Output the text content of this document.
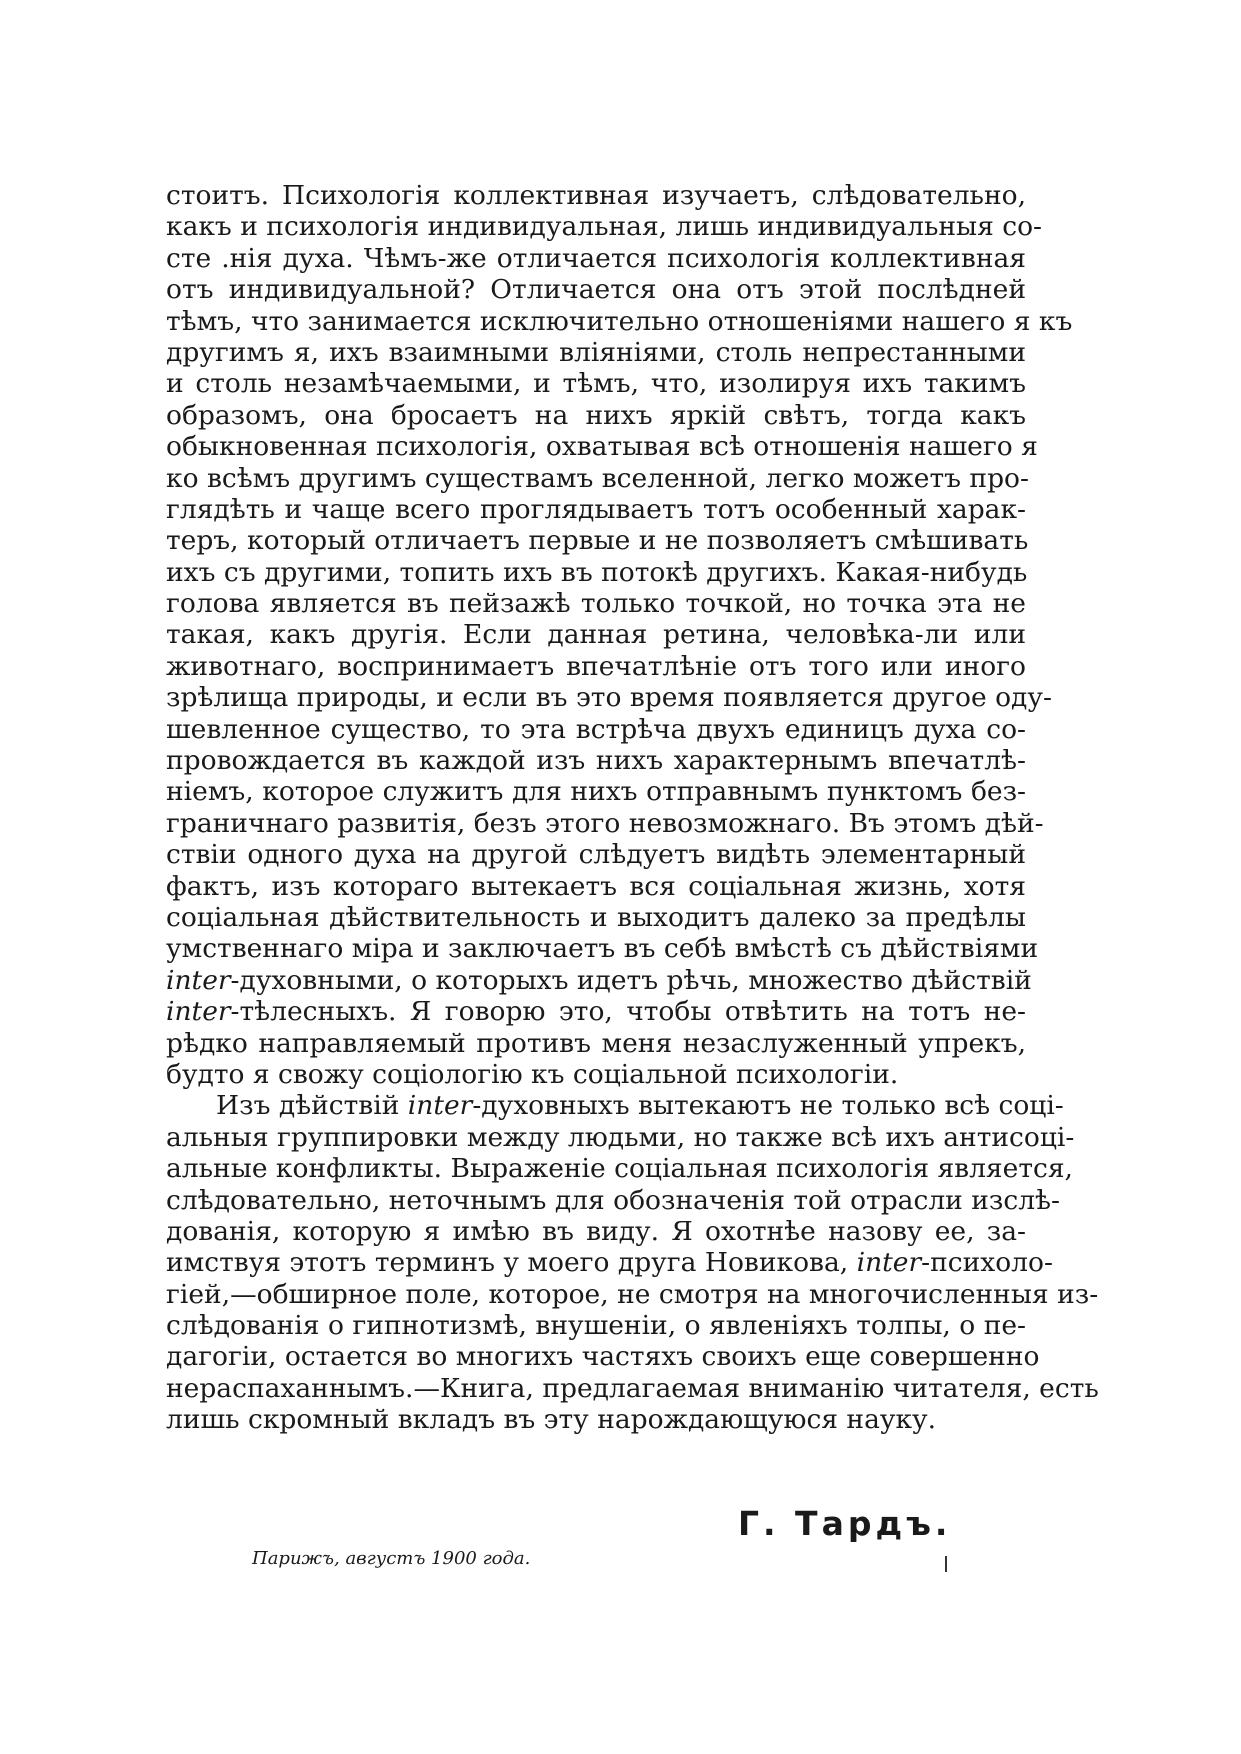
стоитъ. Психологія коллективная изучаетъ, слѣдовательно,
какъ и психологія индивидуальная, лишь индивидуальныя со-
сте .нія духа. Чѣмъ-же отличается психологія коллективная
отъ индивидуальной? Отличается она отъ этой послѣдней
тѣмъ, что занимается исключительно отношеніями нашего я къ
другимъ я, ихъ взаимными вліяніями, столь непрестанными
и столь незамѣчаемыми, и тѣмъ, что, изолируя ихъ такимъ
образомъ, она бросаетъ на нихъ яркій свѣтъ, тогда какъ
обыкновенная психологія, охватывая всѣ отношенія нашего я
ко всѣмъ другимъ существамъ вселенной, легко можетъ про-
глядѣть и чаще всего проглядываетъ тотъ особенный харак-
теръ, который отличаетъ первые и не позволяетъ смѣшивать
ихъ съ другими, топить ихъ въ потокѣ другихъ. Какая-нибудь
голова является въ пейзажѣ только точкой, но точка эта не
такая, какъ другія. Если данная ретина, человѣка-ли или
животнаго, воспринимаетъ впечатлѣніе отъ того или иного
зрѣлища природы, и если въ это время появляется другое оду-
шевленное существо, то эта встрѣча двухъ единицъ духа со-
провождается въ каждой изъ нихъ характернымъ впечатлѣ-
ніемъ, которое служитъ для нихъ отправнымъ пунктомъ без-
граничнаго развитія, безъ этого невозможнаго. Въ этомъ дѣй-
ствіи одного духа на другой слѣдуетъ видѣть элементарный
фактъ, изъ котораго вытекаетъ вся соціальная жизнь, хотя
соціальная дѣйствительность и выходитъ далеко за предѣлы
умственнаго міра и заключаетъ въ себѣ вмѣстѣ съ дѣйствіями
inter-духовными, о которыхъ идетъ рѣчь, множество дѣйствій
inter-тѣлесныхъ. Я говорю это, чтобы отвѣтить на тотъ не-
рѣдко направляемый противъ меня незаслуженный упрекъ,
будто я свожу соціологію къ соціальной психологіи.
Изъ дѣйствій inter-духовныхъ вытекаютъ не только всѣ соці-
альныя группировки между людьми, но также всѣ ихъ антисоці-
альные конфликты. Выраженіе соціальная психологія является,
слѣдовательно, неточнымъ для обозначенія той отрасли изслѣ-
дованія, которую я имѣю въ виду. Я охотнѣе назову ее, за-
имствуя этотъ терминъ у моего друга Новикова, inter-психоло-
гіей,—обширное поле, которое, не смотря на многочисленныя из-
слѣдованія о гипнотизмѣ, внушеніи, о явленіяхъ толпы, о пе-
дагогіи, остается во многихъ частяхъ своихъ еще совершенно
нераспаханнымъ.—Книга, предлагаемая вниманію читателя, есть
лишь скромный вкладъ въ эту нарождающуюся науку.
Г. Тардъ.
Парижъ, августъ 1900 года.
